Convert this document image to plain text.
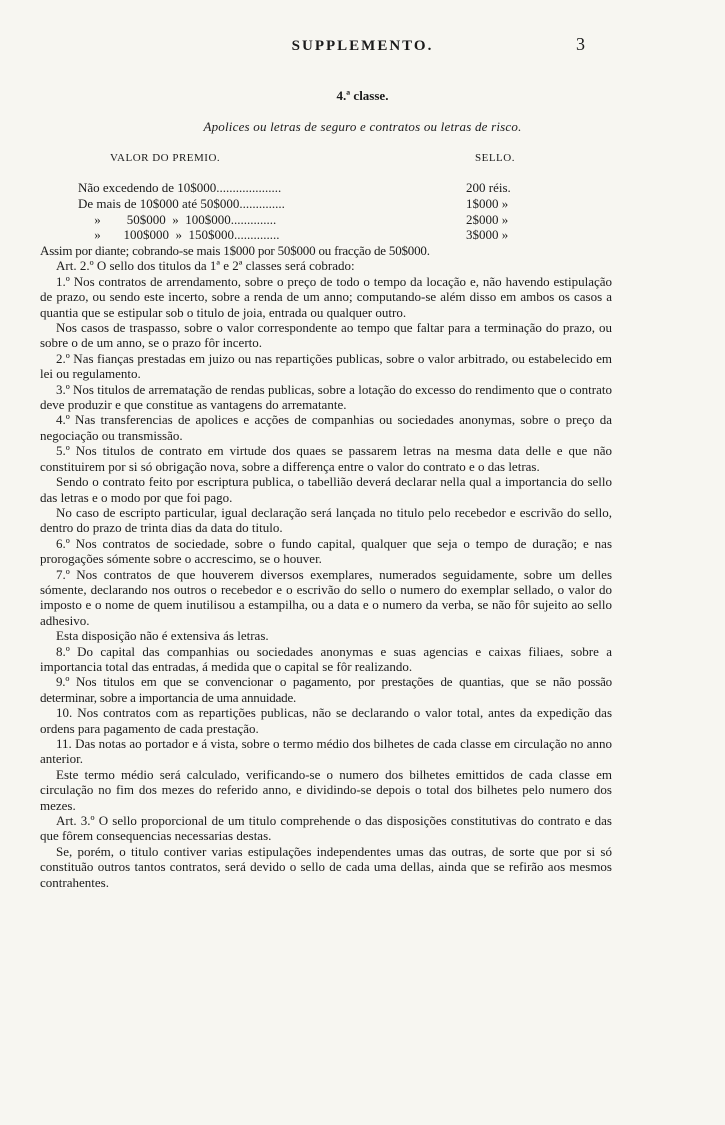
SUPPLEMENTO.	3
4.ª classe.
Apolices ou letras de seguro e contratos ou letras de risco.
VALOR DO PREMIO.	SELLO.
Não excedendo de 10$000....................	200 réis.
De mais de 10$000 até 50$000..............	1$000 »
»        50$000  »  100$000..............	2$000 »
»       100$000  »  150$000..............	3$000 »

Assim por diante; cobrando-se mais 1$000 por 50$000 ou fracção de 50$000.

Art. 2.º O sello dos titulos da 1ª e 2ª classes será cobrado:

1.º Nos contratos de arrendamento, sobre o preço de todo o tempo da locação e, não havendo estipulação de prazo, ou sendo este incerto, sobre a renda de um anno; computando-se além disso em ambos os casos a quantia que se estipular sob o titulo de joia, entrada ou qualquer outro.

Nos casos de traspasso, sobre o valor correspondente ao tempo que faltar para a terminação do prazo, ou sobre o de um anno, se o prazo fôr incerto.

2.º Nas fianças prestadas em juizo ou nas repartições publicas, sobre o valor arbitrado, ou estabelecido em lei ou regulamento.

3.º Nos titulos de arrematação de rendas publicas, sobre a lotação do excesso do rendimento que o contrato deve produzir e que constitue as vantagens do arrematante.

4.º Nas transferencias de apolices e acções de companhias ou sociedades anonymas, sobre o preço da negociação ou transmissão.

5.º Nos titulos de contrato em virtude dos quaes se passarem letras na mesma data delle e que não constituirem por si só obrigação nova, sobre a differença entre o valor do contrato e o das letras.

Sendo o contrato feito por escriptura publica, o tabellião deverá declarar nella qual a importancia do sello das letras e o modo por que foi pago.

No caso de escripto particular, igual declaração será lançada no titulo pelo recebedor e escrivão do sello, dentro do prazo de trinta dias da data do titulo.

6.º Nos contratos de sociedade, sobre o fundo capital, qualquer que seja o tempo de duração; e nas prorogações sómente sobre o accrescimo, se o houver.

7.º Nos contratos de que houverem diversos exemplares, numerados seguidamente, sobre um delles sómente, declarando nos outros o recebedor e o escrivão do sello o numero do exemplar sellado, o valor do imposto e o nome de quem inutilisou a estampilha, ou a data e o numero da verba, se não fôr sujeito ao sello adhesivo.

Esta disposição não é extensiva ás letras.

8.º Do capital das companhias ou sociedades anonymas e suas agencias e caixas filiaes, sobre a importancia total das entradas, á medida que o capital se fôr realizando.

9.º Nos titulos em que se convencionar o pagamento, por prestações de quantias, que se não possão determinar, sobre a importancia de uma annuidade.

10. Nos contratos com as repartições publicas, não se declarando o valor total, antes da expedição das ordens para pagamento de cada prestação.

11. Das notas ao portador e á vista, sobre o termo médio dos bilhetes de cada classe em circulação no anno anterior.

Este termo médio será calculado, verificando-se o numero dos bilhetes emittidos de cada classe em circulação no fim dos mezes do referido anno, e dividindo-se depois o total dos bilhetes pelo numero dos mezes.

Art. 3.º O sello proporcional de um titulo comprehende o das disposições constitutivas do contrato e das que fôrem consequencias necessarias destas.

Se, porém, o titulo contiver varias estipulações independentes umas das outras, de sorte que por si só constituão outros tantos contratos, será devido o sello de cada uma dellas, ainda que se refirão aos mesmos contrahentes.
